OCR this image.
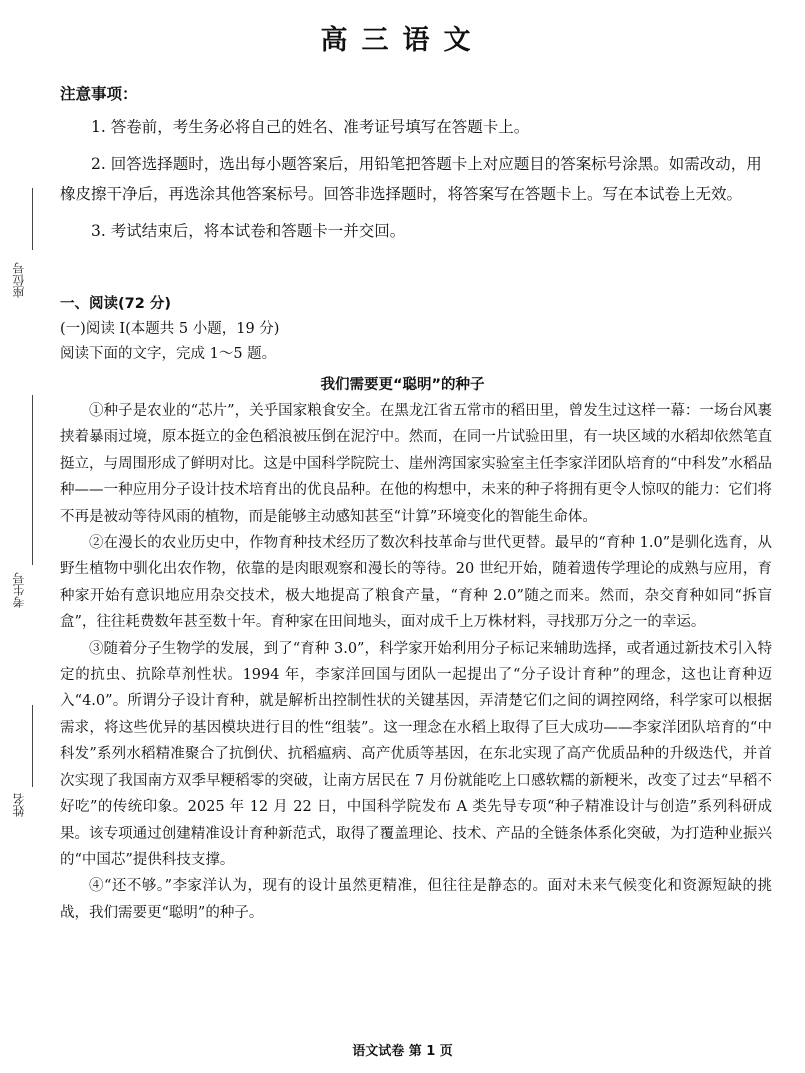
座位号
考生号
姓名
高三语文
注意事项：

1. 答卷前，考生务必将自己的姓名、准考证号填写在答题卡上。

2. 回答选择题时，选出每小题答案后，用铅笔把答题卡上对应题目的答案标号涂黑。如需改动，用橡皮擦干净后，再选涂其他答案标号。回答非选择题时，将答案写在答题卡上。写在本试卷上无效。

3. 考试结束后，将本试卷和答题卡一并交回。

一、阅读(72 分)
(一)阅读 Ⅰ(本题共 5 小题，19 分)
阅读下面的文字，完成 1～5 题。
我们需要更“聪明”的种子

①种子是农业的“芯片”，关乎国家粮食安全。在黑龙江省五常市的稻田里，曾发生过这样一幕：一场台风裹挟着暴雨过境，原本挺立的金色稻浪被压倒在泥泞中。然而，在同一片试验田里，有一块区域的水稻却依然笔直挺立，与周围形成了鲜明对比。这是中国科学院院士、崖州湾国家实验室主任李家洋团队培育的“中科发”水稻品种——一种应用分子设计技术培育出的优良品种。在他的构想中，未来的种子将拥有更令人惊叹的能力：它们将不再是被动等待风雨的植物，而是能够主动感知甚至“计算”环境变化的智能生命体。

②在漫长的农业历史中，作物育种技术经历了数次科技革命与世代更替。最早的“育种 1.0”是驯化选育，从野生植物中驯化出农作物，依靠的是肉眼观察和漫长的等待。20 世纪开始，随着遗传学理论的成熟与应用，育种家开始有意识地应用杂交技术，极大地提高了粮食产量，“育种 2.0”随之而来。然而，杂交育种如同“拆盲盒”，往往耗费数年甚至数十年。育种家在田间地头，面对成千上万株材料，寻找那万分之一的幸运。

③随着分子生物学的发展，到了“育种 3.0”，科学家开始利用分子标记来辅助选择，或者通过新技术引入特定的抗虫、抗除草剂性状。1994 年，李家洋回国与团队一起提出了“分子设计育种”的理念，这也让育种迈入“4.0”。所谓分子设计育种，就是解析出控制性状的关键基因，弄清楚它们之间的调控网络，科学家可以根据需求，将这些优异的基因模块进行目的性“组装”。这一理念在水稻上取得了巨大成功——李家洋团队培育的“中科发”系列水稻精准聚合了抗倒伏、抗稻瘟病、高产优质等基因，在东北实现了高产优质品种的升级迭代，并首次实现了我国南方双季早粳稻零的突破，让南方居民在 7 月份就能吃上口感软糯的新粳米，改变了过去“早稻不好吃”的传统印象。2025 年 12 月 22 日，中国科学院发布 A 类先导专项“种子精准设计与创造”系列科研成果。该专项通过创建精准设计育种新范式，取得了覆盖理论、技术、产品的全链条体系化突破，为打造种业振兴的“中国芯”提供科技支撑。

④“还不够。”李家洋认为，现有的设计虽然更精准，但往往是静态的。面对未来气候变化和资源短缺的挑战，我们需要更“聪明”的种子。

语文试卷 第 1 页
